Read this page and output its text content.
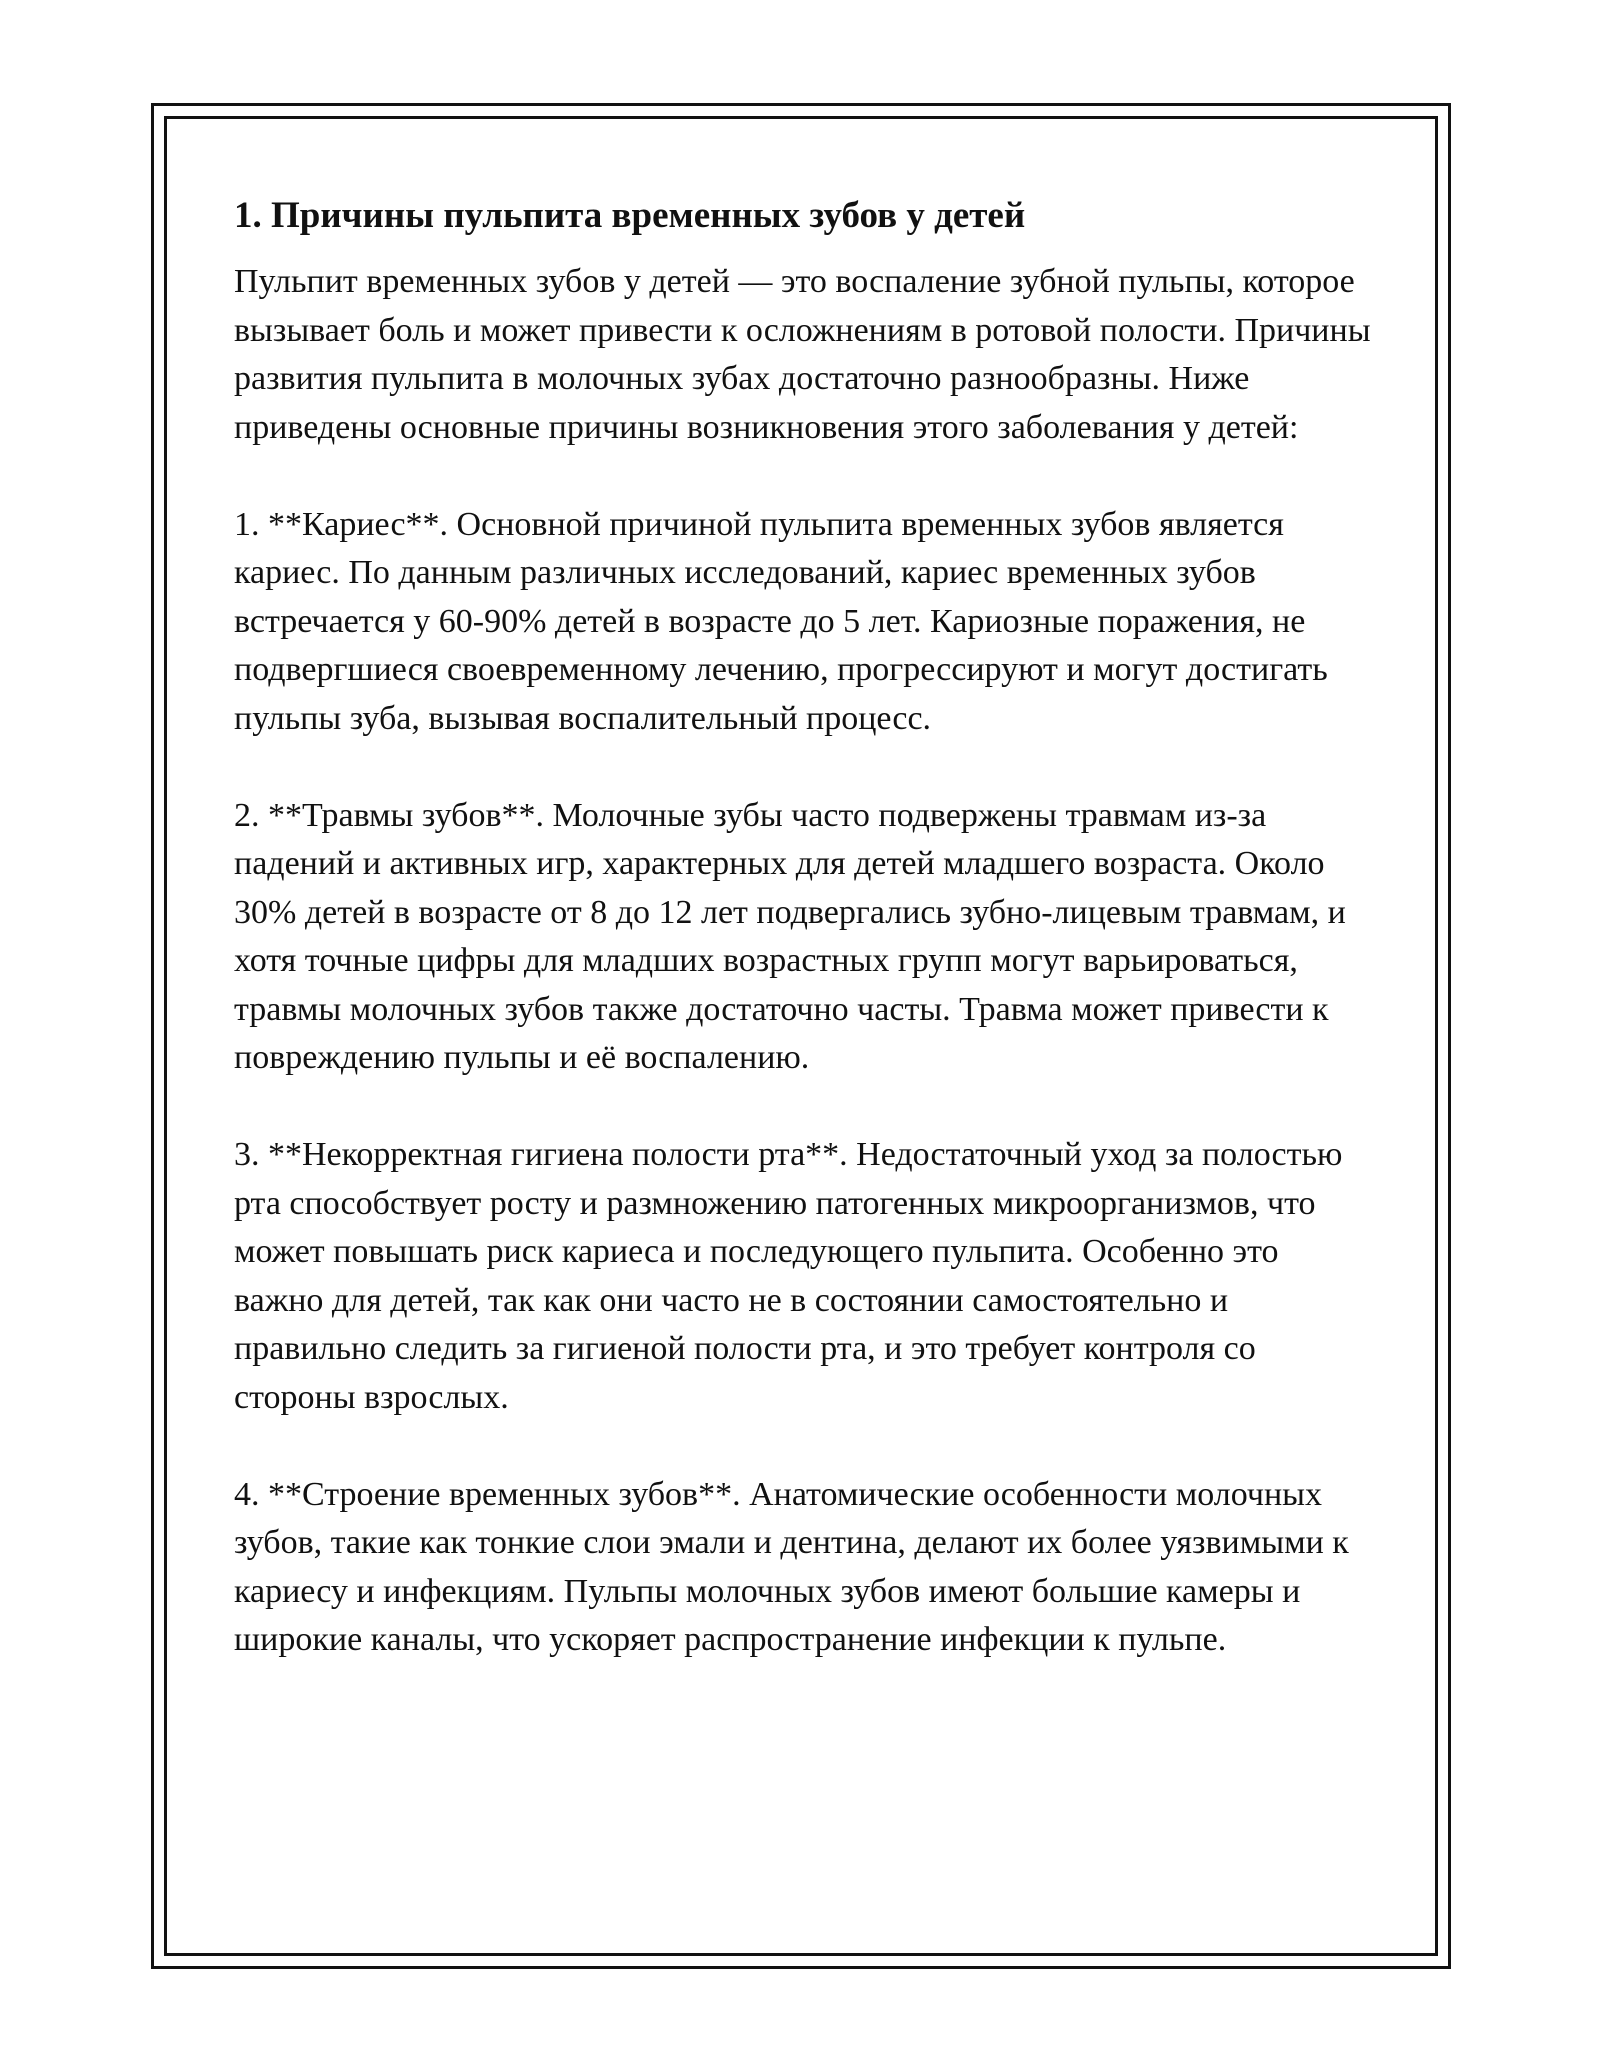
1. Причины пульпита временных зубов у детей

Пульпит временных зубов у детей — это воспаление зубной пульпы, которое вызывает боль и может привести к осложнениям в ротовой полости. Причины развития пульпита в молочных зубах достаточно разнообразны. Ниже приведены основные причины возникновения этого заболевания у детей:

1. **Кариес**. Основной причиной пульпита временных зубов является кариес. По данным различных исследований, кариес временных зубов встречается у 60-90% детей в возрасте до 5 лет. Кариозные поражения, не подвергшиеся своевременному лечению, прогрессируют и могут достигать пульпы зуба, вызывая воспалительный процесс.

2. **Травмы зубов**. Молочные зубы часто подвержены травмам из-за падений и активных игр, характерных для детей младшего возраста. Около 30% детей в возрасте от 8 до 12 лет подвергались зубно-лицевым травмам, и хотя точные цифры для младших возрастных групп могут варьироваться, травмы молочных зубов также достаточно часты. Травма может привести к повреждению пульпы и её воспалению.

3. **Некорректная гигиена полости рта**. Недостаточный уход за полостью рта способствует росту и размножению патогенных микроорганизмов, что может повышать риск кариеса и последующего пульпита. Особенно это важно для детей, так как они часто не в состоянии самостоятельно и правильно следить за гигиеной полости рта, и это требует контроля со стороны взрослых.

4. **Строение временных зубов**. Анатомические особенности молочных зубов, такие как тонкие слои эмали и дентина, делают их более уязвимыми к кариесу и инфекциям. Пульпы молочных зубов имеют большие камеры и широкие каналы, что ускоряет распространение инфекции к пульпе.
